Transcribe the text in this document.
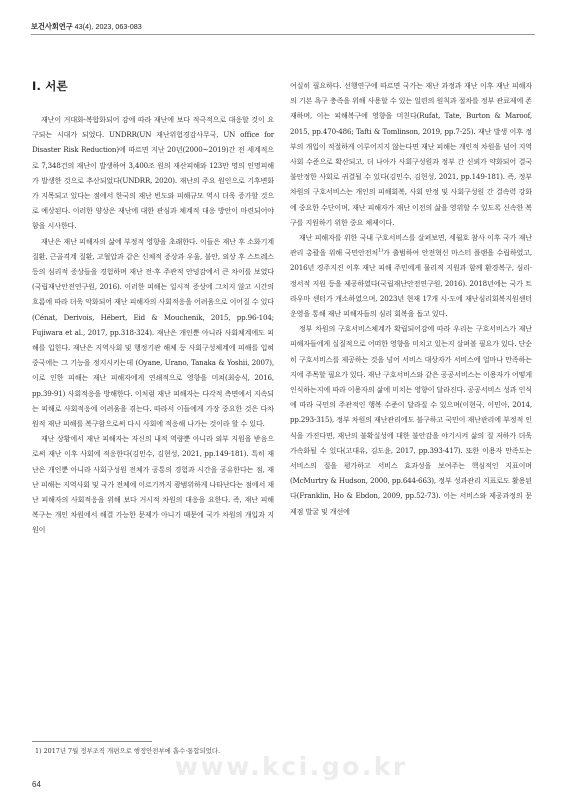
보건사회연구 43(4), 2023, 063-083
Ⅰ. 서론

재난이 거대화·복합화되어 감에 따라 재난에 보다 적극적으로 대응할 것이 요구되는 시대가 되었다. UNDRR(UN 재난위험경감사무국, UN office for Disaster Risk Reduction)에 따르면 지난 20년(2000~2019)간 전 세계적으로 7,348건의 재난이 발생하여 3,400조 원의 재산피해와 123만 명의 인명피해가 발생한 것으로 추산되었다(UNDRR, 2020). 재난의 주요 원인으로 기후변화가 지목되고 있다는 점에서 한국의 재난 빈도와 피해규모 역시 더욱 증가할 것으로 예상된다. 이러한 양상은 재난에 대한 관심과 체계적 대응 방안이 마련되어야 함을 시사한다.

재난은 재난 피해자의 삶에 부정적 영향을 초래한다. 이들은 재난 후 소화기계 질환, 근골격계 질환, 고혈압과 같은 신체적 증상과 우울, 불안, 외상 후 스트레스 등의 심리적 증상들을 경험하며 재난 전·후 주관적 안녕감에서 큰 차이를 보였다(국립재난안전연구원, 2016). 이러한 피해는 일시적 증상에 그치지 않고 시간의 흐름에 따라 더욱 악화되어 재난 피해자의 사회적응을 어려움으로 이어질 수 있다(Cénat, Derivois, Hébert, Eid & Mouchenik, 2015, pp.96-104; Fujiwara et al., 2017, pp.318-324). 재난은 개인뿐 아니라 사회체계에도 피해를 입힌다. 재난은 지역사회 및 행정기관 해체 등 사회구성체계에 피해를 입혀 중국에는 그 기능을 정지시키는데 (Oyane, Urano, Tanaka & Yoshii, 2007), 이로 인한 피해는 재난 피해자에게 연쇄적으로 영향을 미쳐(최승식, 2016, pp.39-91) 사회적응을 방해한다. 이처럼 재난 피해자는 다각적 측면에서 지속되는 피해로 사회적응에 어려움을 겪는다. 따라서 이들에게 가장 중요한 것은 다차원적 재난 피해를 복구함으로써 다시 사회에 적응해 나가는 것이라 할 수 있다.

재난 상황에서 재난 피해자는 자신의 내적 역량뿐 아니라 외부 지원을 받음으로써 재난 이후 사회에 적응한다(김민수, 김현성, 2021, pp.149-181). 특히 재난은 개인뿐 아니라 사회구성원 전체가 공통의 경험과 시간을 공유한다는 점, 재난 피해는 지역사회 및 국가 전체에 이르기까지 광범위하게 나타난다는 점에서 재난 피해자의 사회적응을 위해 보다 거시적 차원의 대응을 요한다. 즉, 재난 피해 복구는 개인 차원에서 해결 가능한 문제가 아니기 때문에 국가 차원의 개입과 지원이

여실히 필요하다. 선행연구에 따르면 국가는 재난 과정과 재난 이후 재난 피해자의 기본 욕구 충족을 위해 사용할 수 있는 일련의 원칙과 절차를 정부 관료제에 존재하며, 이는 피해복구에 영향을 미친다(Rufat, Tate, Burton & Maroof, 2015, pp.470-486; Tafti & Tomlinson, 2019, pp.7-25). 재난 발생 이후 정부의 개입이 적절하게 이루어지지 않는다면 재난 피해는 개인적 차원을 넘어 지역사회 수준으로 확산되고, 더 나아가 사회구성원과 정부 간 신뢰가 약화되어 결국 불안정한 사회로 귀결될 수 있다(김민수, 김현성, 2021, pp.149-181). 즉, 정부 차원의 구호서비스는 개인의 피해회복, 사회 안정 및 사회구성원 간 결속력 강화에 중요한 수단이며, 재난 피해자가 재난 이전의 삶을 영위할 수 있도록 신속한 복구를 지원하기 위한 중요 체제이다.

재난 피해자를 위한 국내 구호서비스를 살펴보면, 세월호 참사 이후 국가 재난관리 총괄을 위해 국민안전처$^{1)}$가 출범하여 안전혁신 마스터 플랜을 수립하였고, 2016년 경주지진 이후 재난 피해 주민에게 물리적 지원과 함께 환경복구, 심리·정서적 지원 등을 제공하였다(국립재난안전연구원, 2016). 2018년에는 국가 트라우마 센터가 개소하였으며, 2023년 현재 17개 시·도에 재난심리회복지원센터 운영을 통해 재난 피해자들의 심리 회복을 돕고 있다.

정부 차원의 구호서비스체계가 확립되어감에 따라 우리는 구호서비스가 재난 피해자들에게 실질적으로 어떠한 영향을 미치고 있는지 살펴볼 필요가 있다. 단순히 구호서비스를 제공하는 것을 넘어 서비스 대상자가 서비스에 얼마나 만족하는지에 주목할 필요가 있다. 재난 구호서비스와 같은 공공서비스는 이용자가 어떻게 인식하는지에 따라 이용자의 삶에 미치는 영향이 달라진다. 공공서비스 성과 인식에 따라 국민의 주관적인 행복 수준이 달라질 수 있으며(이현국, 이민아, 2014, pp.293-315), 정부 차원의 재난관리에도 불구하고 국민이 재난관리에 부정적 인식을 가진다면, 재난의 불확실성에 대한 불안감을 야기시켜 삶의 질 저하가 더욱 가속화될 수 있다(고대유, 김도윤, 2017, pp.393-417). 또한 이용자 만족도는 서비스의 질을 평가하고 서비스 효과성을 보여주는 핵심적인 지표이며(McMurtry & Hudson, 2000, pp.644-663), 정부 성과관리 지표로도 활용된다(Franklin, Ho & Ebdon, 2009, pp.52-73). 이는 서비스와 제공과정의 문제점 발굴 및 개선에

www.kci.go.kr
1) 2017년 7월 정부조직 개편으로 행정안전부에 흡수·통합되었다.
64
